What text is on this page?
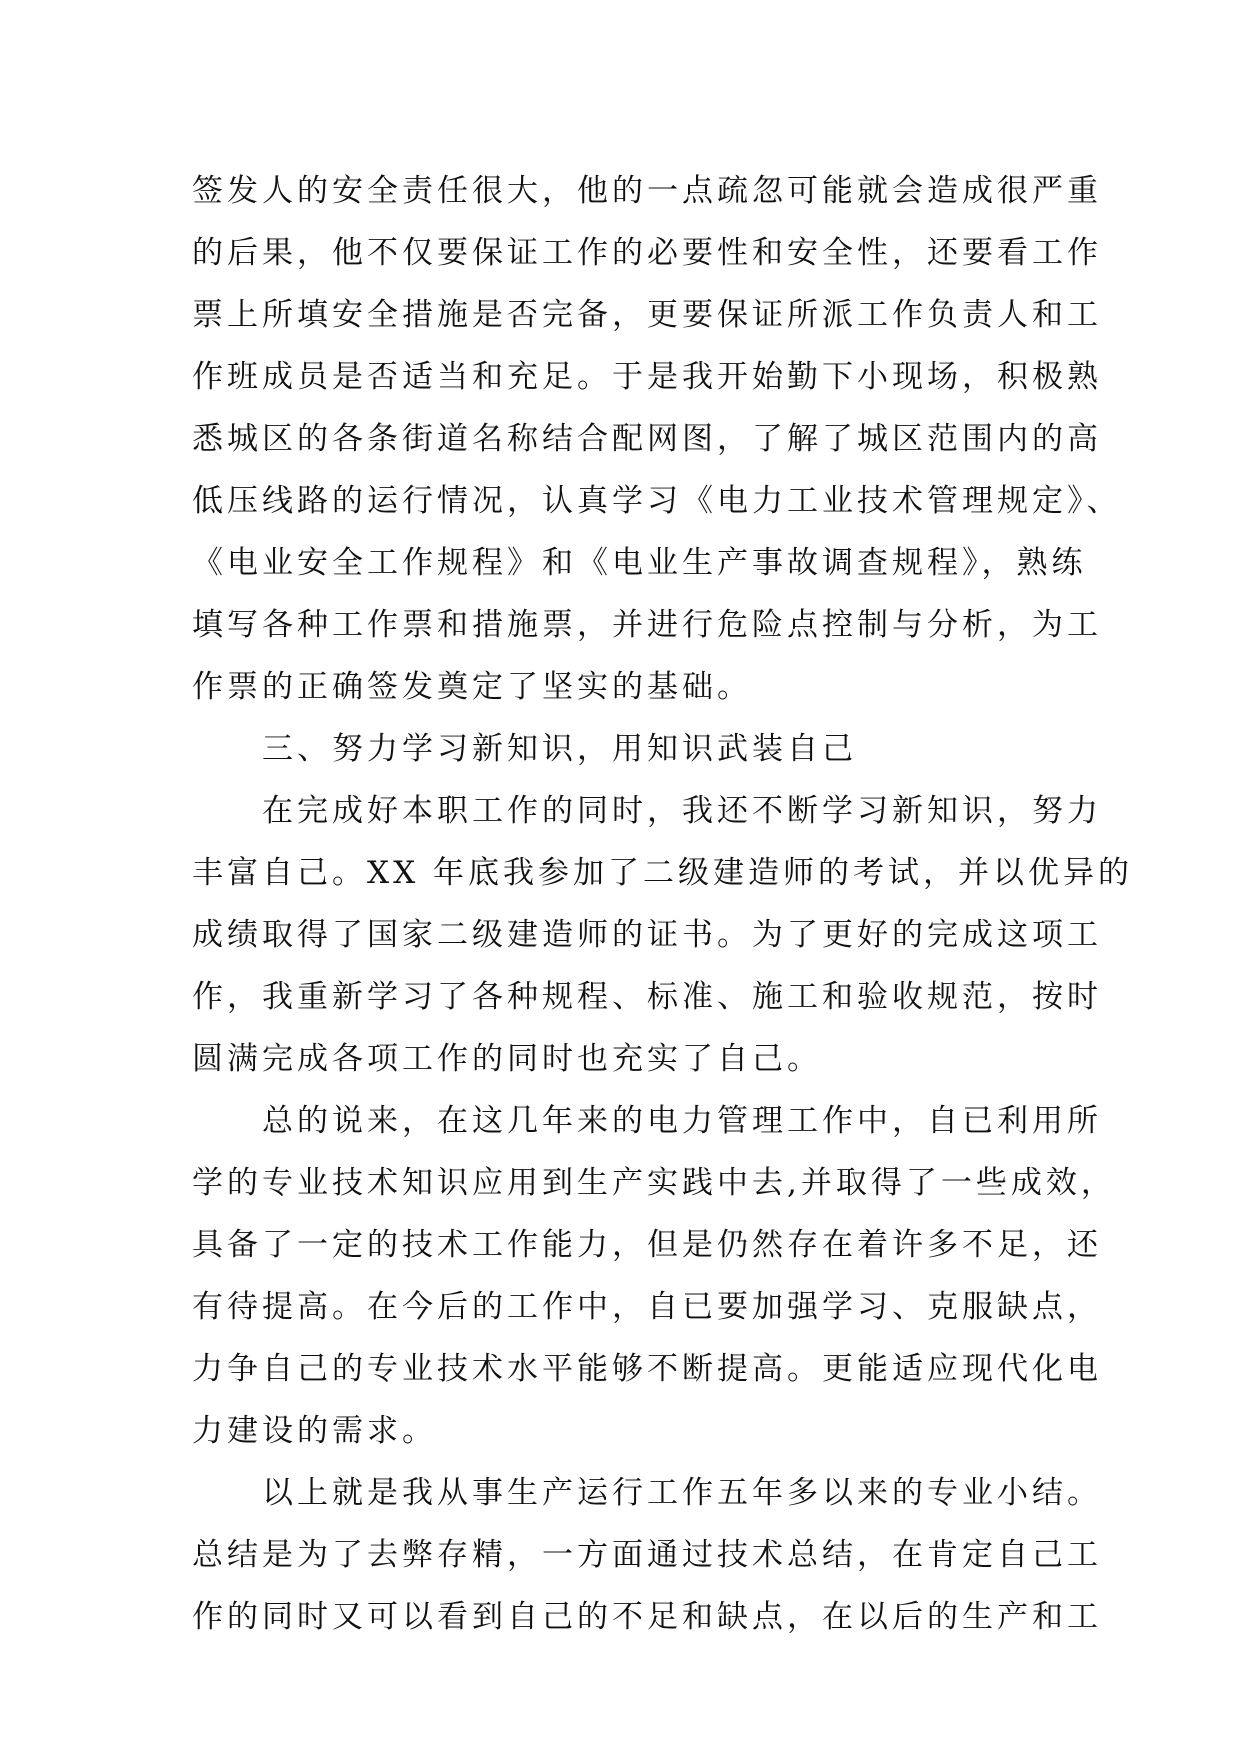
签发人的安全责任很大，他的一点疏忽可能就会造成很严重
的后果，他不仅要保证工作的必要性和安全性，还要看工作
票上所填安全措施是否完备，更要保证所派工作负责人和工
作班成员是否适当和充足。于是我开始勤下小现场，积极熟
悉城区的各条街道名称结合配网图，了解了城区范围内的高
低压线路的运行情况，认真学习《电力工业技术管理规定》、
《电业安全工作规程》和《电业生产事故调查规程》，熟练
填写各种工作票和措施票，并进行危险点控制与分析，为工
作票的正确签发奠定了坚实的基础。
　　三、努力学习新知识，用知识武装自己
　　在完成好本职工作的同时，我还不断学习新知识，努力
丰富自己。XX 年底我参加了二级建造师的考试，并以优异的
成绩取得了国家二级建造师的证书。为了更好的完成这项工
作，我重新学习了各种规程、标准、施工和验收规范，按时
圆满完成各项工作的同时也充实了自己。
　　总的说来，在这几年来的电力管理工作中，自已利用所
学的专业技术知识应用到生产实践中去,并取得了一些成效，
具备了一定的技术工作能力，但是仍然存在着许多不足，还
有待提高。在今后的工作中，自已要加强学习、克服缺点，
力争自己的专业技术水平能够不断提高。更能适应现代化电
力建设的需求。
　　以上就是我从事生产运行工作五年多以来的专业小结。
总结是为了去弊存精，一方面通过技术总结，在肯定自己工
作的同时又可以看到自己的不足和缺点，在以后的生产和工
